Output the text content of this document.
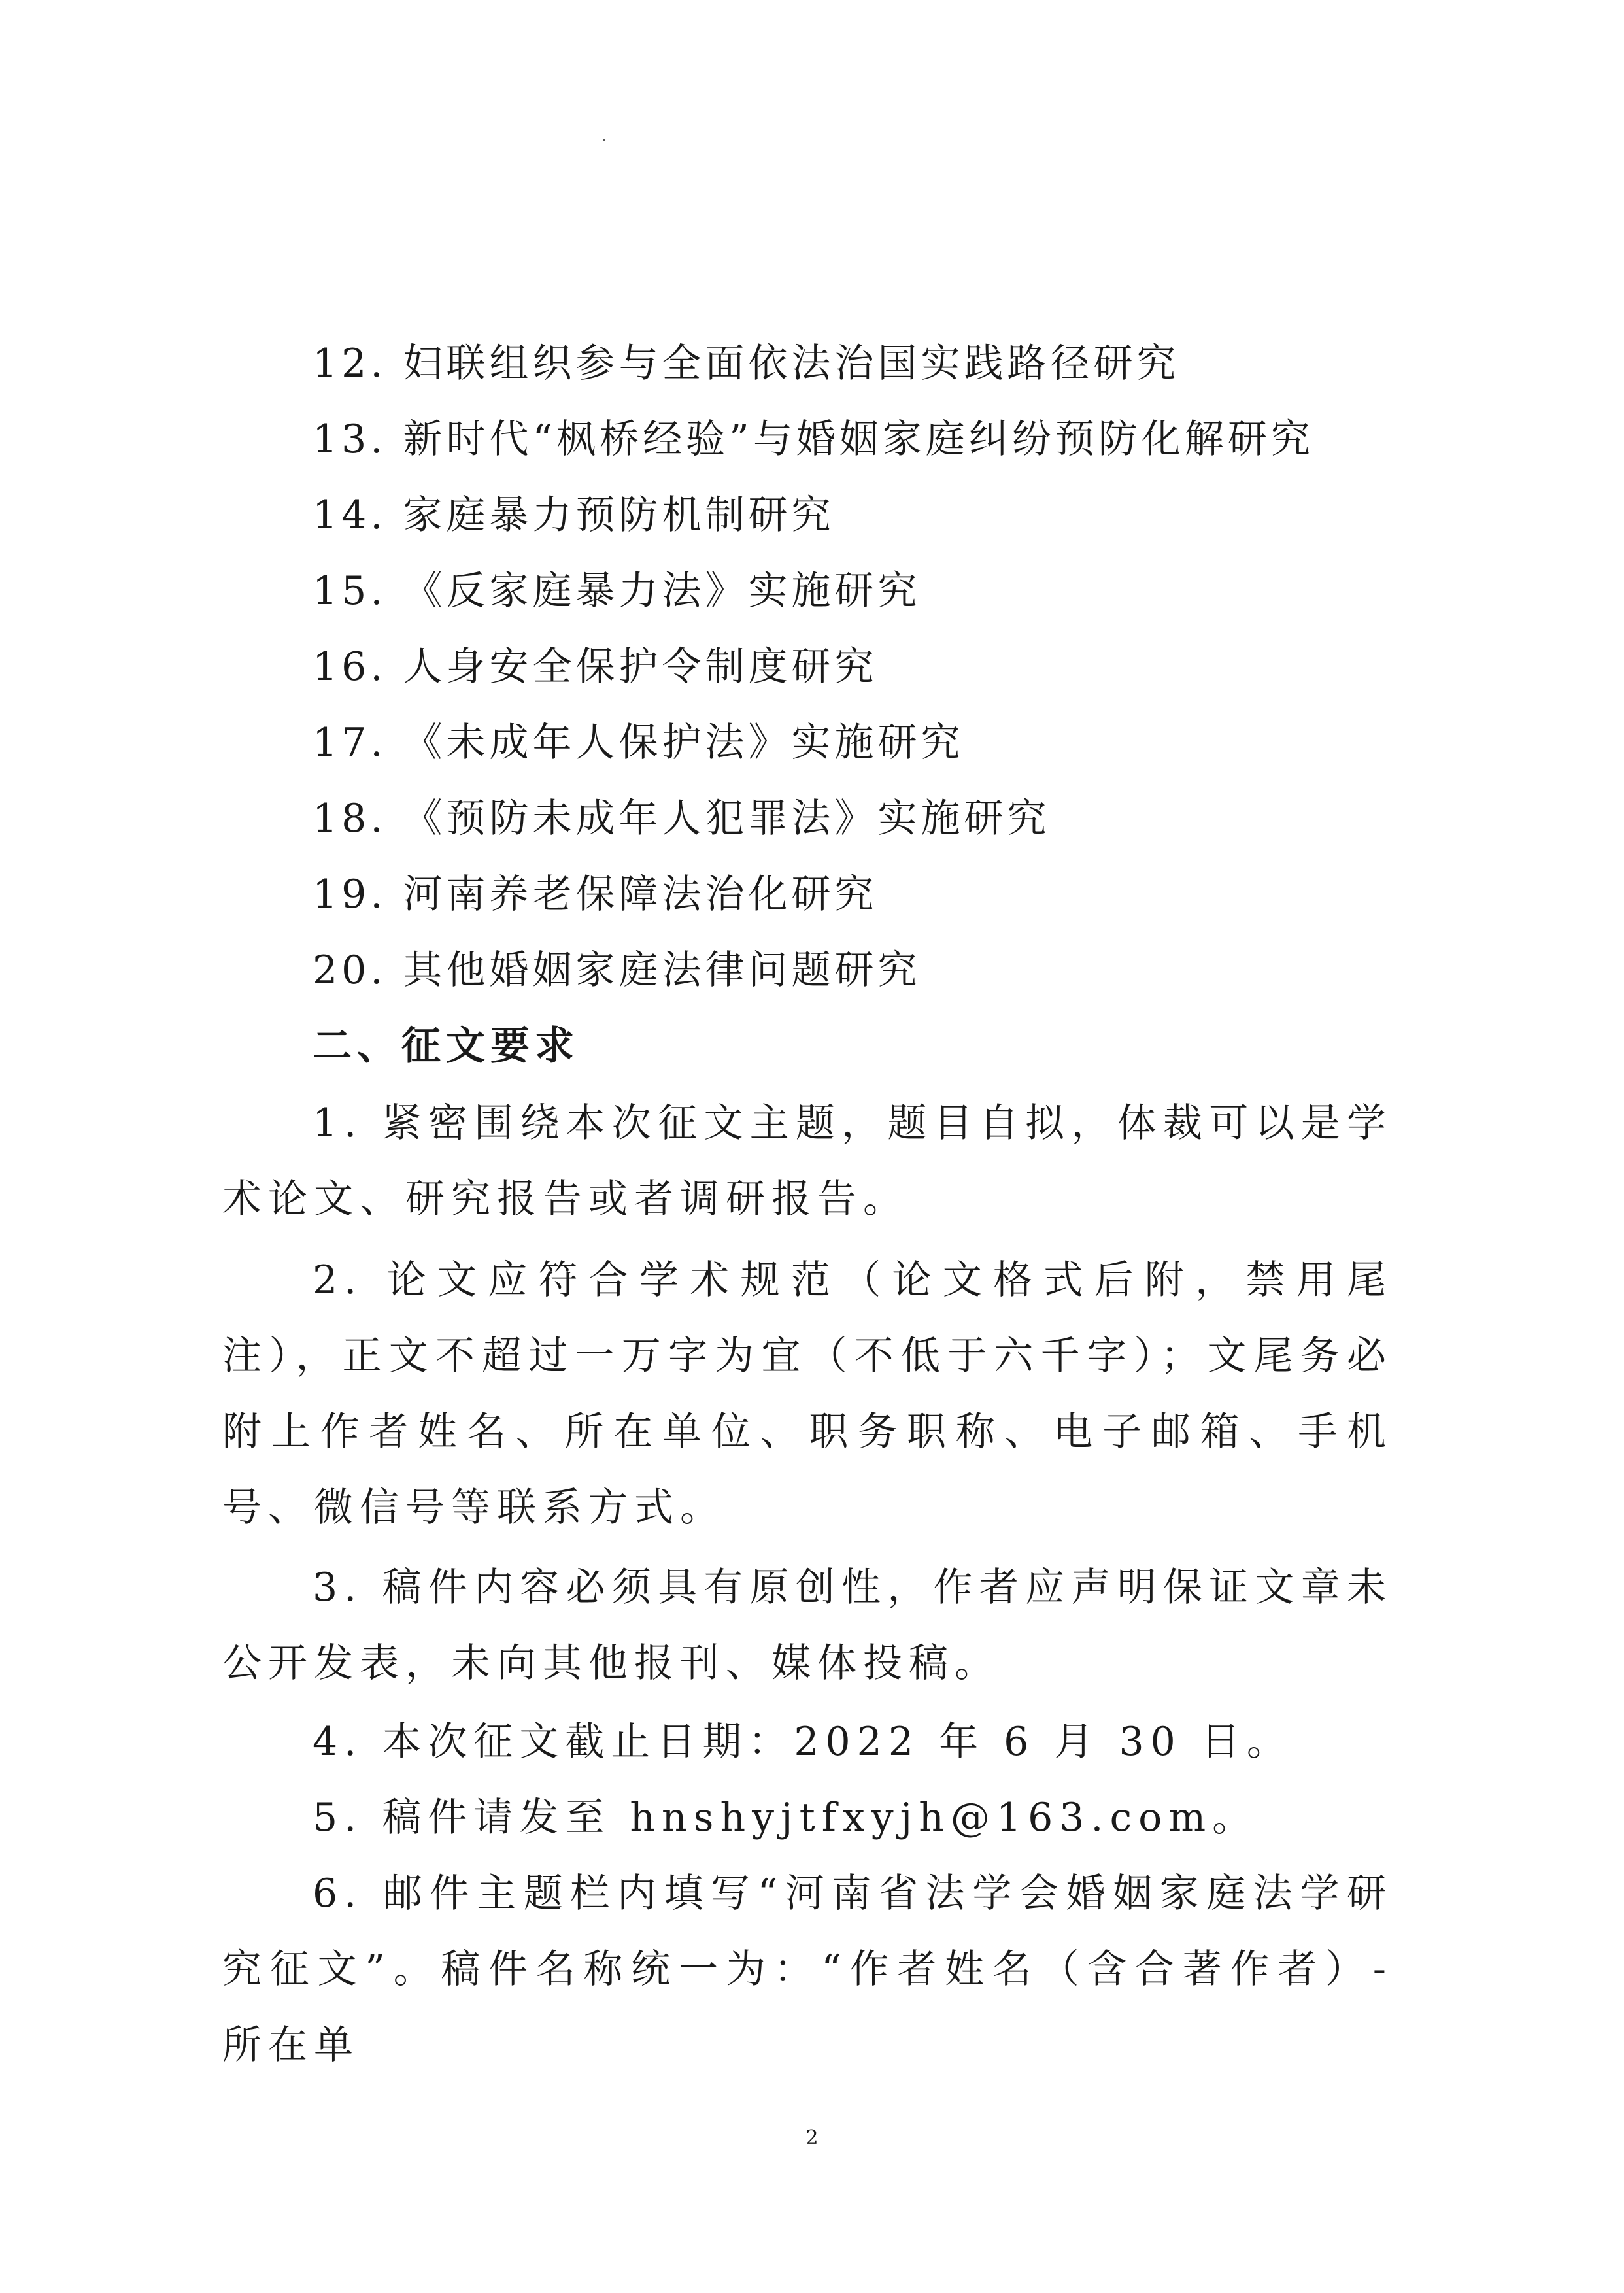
12. 妇联组织参与全面依法治国实践路径研究
13. 新时代“枫桥经验”与婚姻家庭纠纷预防化解研究
14. 家庭暴力预防机制研究
15. 《反家庭暴力法》实施研究
16. 人身安全保护令制度研究
17. 《未成年人保护法》实施研究
18. 《预防未成年人犯罪法》实施研究
19. 河南养老保障法治化研究
20. 其他婚姻家庭法律问题研究
二、征文要求

1. 紧密围绕本次征文主题，题目自拟，体裁可以是学术论文、研究报告或者调研报告。

2. 论文应符合学术规范（论文格式后附，禁用尾注），正文不超过一万字为宜（不低于六千字）；文尾务必附上作者姓名、所在单位、职务职称、电子邮箱、手机号、微信号等联系方式。

3. 稿件内容必须具有原创性，作者应声明保证文章未公开发表，未向其他报刊、媒体投稿。

4. 本次征文截止日期：2022 年 6 月 30 日。

5. 稿件请发至 hnshyjtfxyjh@163.com。

6. 邮件主题栏内填写“河南省法学会婚姻家庭法学研究征文”。稿件名称统一为：“作者姓名（含合著作者）-所在单

2
